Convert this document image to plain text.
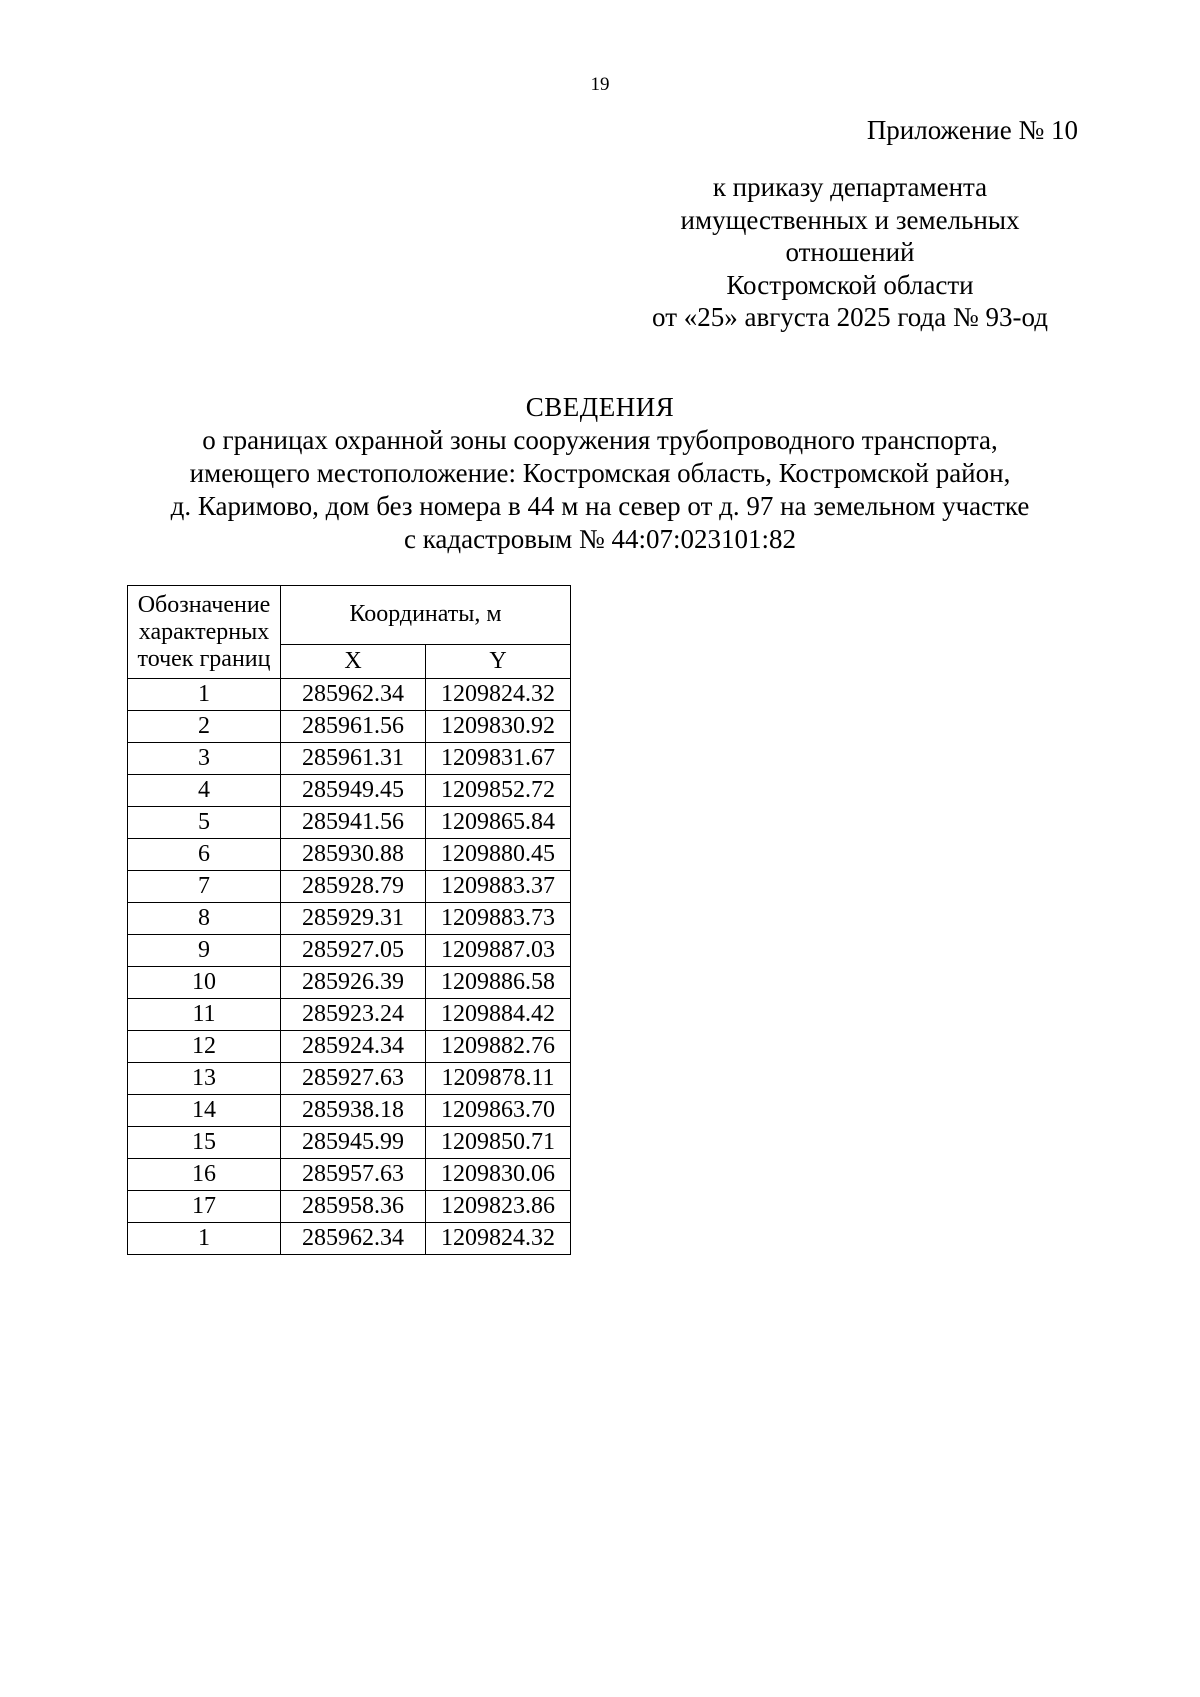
19
Приложение № 10
к приказу департамента
имущественных и земельных
отношений
Костромской области
от «25» августа 2025 года № 93-од
СВЕДЕНИЯ
о границах охранной зоны сооружения трубопроводного транспорта,
имеющего местоположение: Костромская область, Костромской район,
д. Каримово, дом без номера в 44 м на север от д. 97 на земельном участке
с кадастровым № 44:07:023101:82
Обозначение характерных точек границ	Координаты, м	
	X	Y
1	285962.34	1209824.32
2	285961.56	1209830.92
3	285961.31	1209831.67
4	285949.45	1209852.72
5	285941.56	1209865.84
6	285930.88	1209880.45
7	285928.79	1209883.37
8	285929.31	1209883.73
9	285927.05	1209887.03
10	285926.39	1209886.58
11	285923.24	1209884.42
12	285924.34	1209882.76
13	285927.63	1209878.11
14	285938.18	1209863.70
15	285945.99	1209850.71
16	285957.63	1209830.06
17	285958.36	1209823.86
1	285962.34	1209824.32
